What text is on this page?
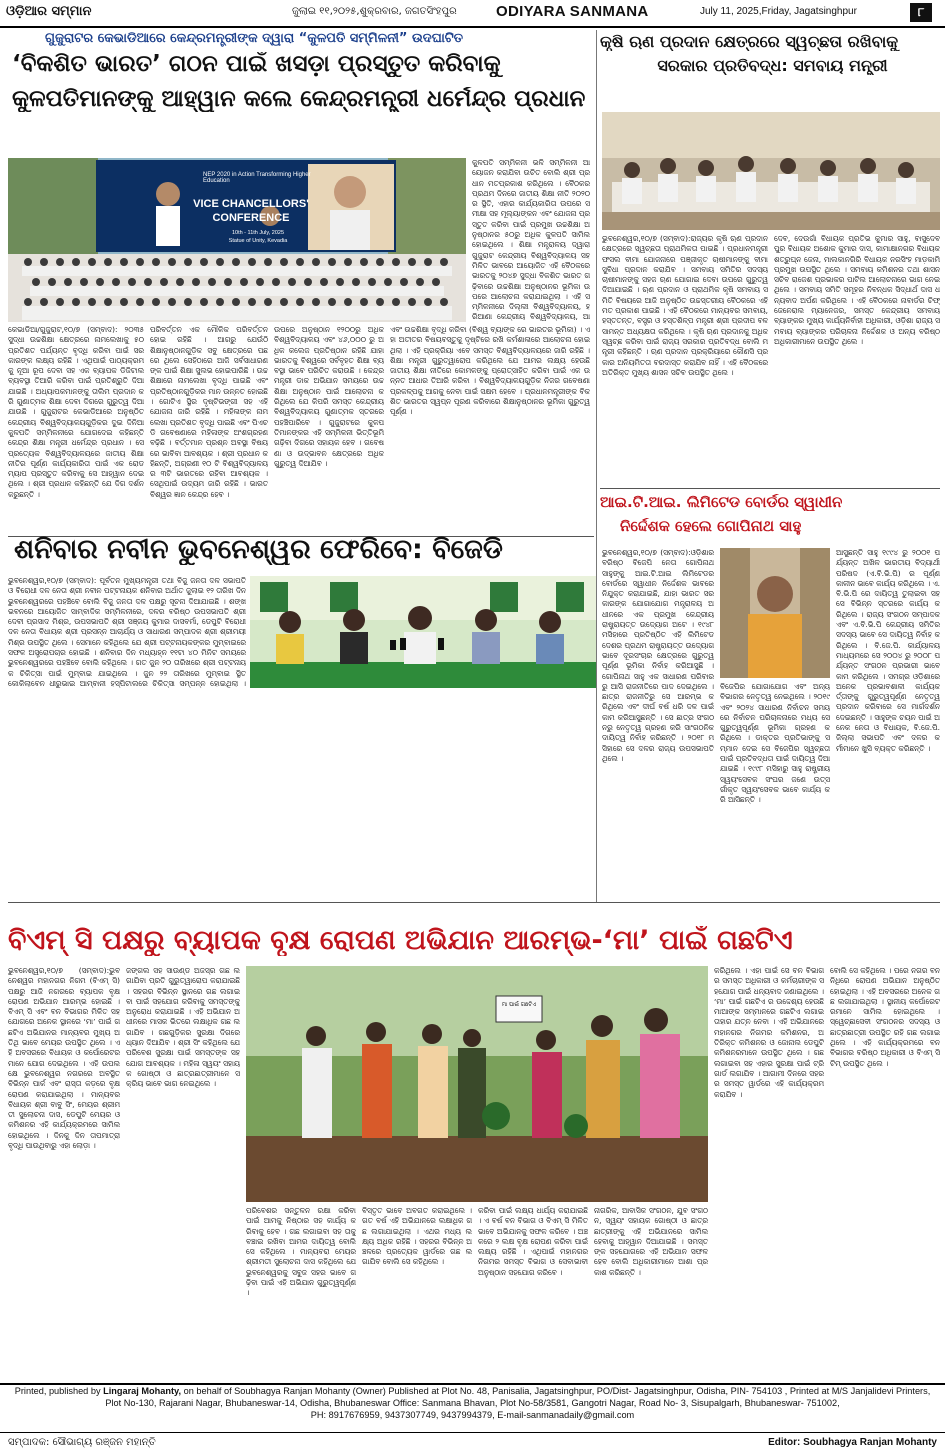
ଓଡ଼ିଆର ସମ୍ମାନ	ଜୁଲାଇ ୧୧,୨୦୨୫,ଶୁକ୍ରବାର, ଜଗତସିଂହପୁର	ODIYARA SANMANA	July 11, 2025,Friday, Jagatsinghpur	୮
ଗୁଜୁରାଟର କେଭାଡିଆରେ କେନ୍ଦ୍ରମନ୍ତ୍ରୀଙ୍କ ଦ୍ୱାରା “କୁଳପତି ସମ୍ମିଳନୀ” ଉଦଘାଟିତ
‘ବିକଶିତ ଭାରତ’ ଗଠନ ପାଇଁ ଖସଡ଼ା ପ୍ରସ୍ତୁତ କରିବାକୁ
କୁଳପତିମାନଙ୍କୁ ଆହ୍ୱାନ କଲେ କେନ୍ଦ୍ରମନ୍ତ୍ରୀ ଧର୍ମେନ୍ଦ୍ର ପ୍ରଧାନ
NEP 2020 in Action Transforming Higher Education
VICE CHANCELLORS'
CONFERENCE
10th - 11th July, 2025
Statue of Unity, Kevadia
କୁଳପତି ସମ୍ମିଳନୀ ଭଳି ସମ୍ମିଳନୀ ଆୟୋଜନ କରାଯିବା ଉଚିତ ବୋଲି ଶ୍ରୀ ପ୍ରଧାନ ମତପ୍ରକାଶ କରିଥିଲେ । ବୈଠକର ପ୍ରଥମ ଦିନରେ ଜାତୀୟ ଶିକ୍ଷା ନୀତି ୨୦୨୦ର ସ୍ଥିତି, ଏହାର କାର୍ଯ୍ୟକାରିତା ଉପରେ ସମୀକ୍ଷା ସହ ମୂଲ୍ୟାଙ୍କନ ଏବଂ ଯୋଜନା ପ୍ରସ୍ତୁତ କରିବା ପାଇଁ ପ୍ରମୁଖ ଉଚ୍ଚଶିକ୍ଷା ଅନୁଷ୍ଠାନର ୫୦ରୁ ଅଧିକ କୁଳପତି ସାମିଲ ହୋଇଥିଲେ । ଶିକ୍ଷା ମନ୍ତ୍ରାଳୟ ଦ୍ୱାରା ଗୁଜୁରାଟ କେନ୍ଦ୍ରୀୟ ବିଶ୍ୱବିଦ୍ୟାଳୟ ସହ ମିଳିତ ଭାବରେ ଆୟୋଜିତ ଏହି ବୈଠକରେ ଭାରତକୁ ୨୦୪୭ ସୁଦ୍ଧା ବିକଶିତ ଭାରତ ଗଢ଼ିବାରେ ଉଚ୍ଚଶିକ୍ଷା ଅନୁଷ୍ଠାନର ଭୂମିକା ଉପରେ ଆଲୋଚନା କରାଯାଇଥିଲା । ଏହି ସମ୍ମିଳନୀରେ ଦିଲ୍ଲୀ ବିଶ୍ୱବିଦ୍ୟାଳୟ, ହରିଆଣା କେନ୍ଦ୍ରୀୟ ବିଶ୍ୱବିଦ୍ୟାଳୟ, ଆ
କେଭାଡିଆ/ଗୁଜୁରାଟ,୧୦/୭ (ସମ୍ବାଦ): ୨୦୩୫ ସୁଦ୍ଧା ଉଚ୍ଚଶିକ୍ଷା କ୍ଷେତ୍ରରେ ନାମଲେଖାକୁ ୫୦ ପ୍ରତିଶତ ପର୍ଯ୍ୟନ୍ତ ବୃଦ୍ଧି କରିବା ପାଇଁ ସରକାରଙ୍କ ଲକ୍ଷ୍ୟ ରହିଛି । ଏଥିପାଇଁ ପାଠ୍ୟକ୍ରମକୁ ନୂଆ ରୂପ ଦେବା ସହ ଏକ ବ୍ୟାପକ ଡିଜିଟାଲ ବ୍ୟବସ୍ଥା ତିଆରି କରିବା ପାଇଁ ପ୍ରତିଶ୍ରୁତି ଦିଆଯାଇଛି । ଅଧ୍ୟାପକମାନଙ୍କୁ ତାଲିମ ପ୍ରଦାନ କରି ଗୁଣାତ୍ମକ ଶିକ୍ଷା ଦେବା ଦିଗରେ ଗୁରୁତ୍ୱ ଦିଆଯାଉଛି । ଗୁଜୁରାଟର କେଭାଡିଆରେ ଅନୁଷ୍ଠିତ କେନ୍ଦ୍ରୀୟ ବିଶ୍ୱବିଦ୍ୟାଳୟଗୁଡ଼ିକର ଦୁଇ ଦିନିଆ କୁଳପତି ସମ୍ମିଳନୀରେ ଯୋଗଦେଇ କହିଛନ୍ତି କେନ୍ଦ୍ର ଶିକ୍ଷା ମନ୍ତ୍ରୀ ଧର୍ମେନ୍ଦ୍ର ପ୍ରଧାନ । ସେ ପ୍ରତ୍ୟେକ ବିଶ୍ୱବିଦ୍ୟାଳୟରେ ଜାତୀୟ ଶିକ୍ଷା ନୀତିର ପୂର୍ଣ୍ଣ କାର୍ଯ୍ୟକାରିତା ପାଇଁ ଏକ ରୋଡମ୍ୟାପ ପ୍ରସ୍ତୁତ କରିବାକୁ ସେ ଆହ୍ୱାନ ଦେଇଥିଲେ । ଶ୍ରୀ ପ୍ରଧାନ କହିଛନ୍ତି ଯେ ଦିଗ ଦର୍ଶନ କରୁଛନ୍ତି ।
ପରିବର୍ତ୍ତନ ଏକ ମୌଳିକ ପରିବର୍ତ୍ତନ ହୋଇ ରହିଛି । ଆଗରୁ ଯେଉଁଠି ଶିକ୍ଷାନୁଷ୍ଠାନଗୁଡ଼ିକ ସବୁ କ୍ଷେତ୍ରରେ ପଛରେ ଥିଲେ ସେହିଠାରେ ଆଜି ସର୍ବସାଧାରଣଙ୍କ ପାଇଁ ଶିକ୍ଷା ସୁଲଭ ହୋଇପାରିଛି । ଉଚ୍ଚଶିକ୍ଷାରେ ନାମଲେଖା ବୃଦ୍ଧି ପାଇଛି ଏବଂ ପ୍ରତିଷ୍ଠାନଗୁଡ଼ିକର ମାନ ଉନ୍ନତ ହୋଇଛି । ଗୋଟିଏ ସ୍ଥିର ଦୃଷ୍ଟିଭଙ୍ଗୀ ସହ ଏହି ଯୋଜନା ଜାରି ରହିଛି । ମହିଳାଙ୍କ ନାମଲେଖା ପ୍ରତିଶତ ବୃଦ୍ଧି ପାଇଛି ଏବଂ ପିଏଚଡି ଗବେଷଣାରେ ମହିଳାଙ୍କ ଅଂଶଗ୍ରହଣ ବଢ଼ିଛି । ବର୍ତ୍ତମାନ ପ୍ରଶ୍ନ ଅବସ୍ଥା ବିଷୟରେ ଭାବିବା ଆବଶ୍ୟକ । ଶ୍ରୀ ପ୍ରଧାନ କହିଛନ୍ତି, ଅଗ୍ରଣୀ ୧୦ ଟି ବିଶ୍ୱବିଦ୍ୟାଳୟର ୩ଟି ଭାରତରେ ରହିବା ଆବଶ୍ୟକ । ସେଥିପାଇଁ ଉଦ୍ୟମ ଜାରି ରହିଛି । ଭାରତ ବିଶ୍ୱର ଜ୍ଞାନ କେନ୍ଦ୍ର ହେବ ।
ଉପରେ ଅନୁଷ୍ଠାନ ୧୨୦୦ରୁ ଅଧିକ ବିଶ୍ୱବିଦ୍ୟାଳୟ ଏବଂ ୪୬,୦୦୦ ରୁ ଅଧିକ କଲେଜ ପ୍ରତିଷ୍ଠାନ ରହିଛି ଯାହା ଭାରତକୁ ବିଶ୍ୱରେ ସର୍ବବୃହତ ଶିକ୍ଷା ବ୍ୟବସ୍ଥା ଭାବେ ପରିଚିତ କରାଉଛି । କେନ୍ଦ୍ରମନ୍ତ୍ରୀ ଡାକ ଅଭିଯାନ ସମୟରେ ଉଚ୍ଚଶିକ୍ଷା ଅନୁଷ୍ଠାନ ପାଇଁ ଆଲୋଚନା କରିଥିଲେ ଯେ କିପରି ସମସ୍ତ କେନ୍ଦ୍ରୀୟ ବିଶ୍ୱବିଦ୍ୟାଳୟ ଗୁଣାତ୍ମକ ସ୍ତରରେ ପହଞ୍ଚିପାରିବେ । ଗୁଜୁରାଟରେ କୁଳପତିମାନଙ୍କର ଏହି ସମ୍ମିଳନୀ ଭିତ୍ତିଭୂମି ଗଢ଼ିବା ଦିଗରେ ସହାୟକ ହେବ । ଗବେଷଣା ଓ ଉଦ୍ଭାବନ କ୍ଷେତ୍ରରେ ଅଧିକ ଗୁରୁତ୍ୱ ଦିଆଯିବ ।
ଏବଂ ଉଚ୍ଚଶିକ୍ଷା ବୃଦ୍ଧି କରିବା (ବିଶ୍ୱ ବ୍ୟାଙ୍କ ରେ ଭାରତର ଭୂମିକା) । ଏହା ଅତୀତର ବିଷୟବସ୍ତୁକୁ ଦୃଷ୍ଟିରେ ରଖି କର୍ମଶାଳାରେ ଆଲୋଚନା ହୋଇଥିଲା । ଏହି ପ୍ରକ୍ରିୟା ଏବେ ସମସ୍ତ ବିଶ୍ୱବିଦ୍ୟାଳୟରେ ଜାରି ରହିଛି । ଶିକ୍ଷା ମନ୍ତ୍ରୀ ଗୁରୁତ୍ୱାରୋପ କରିଥିଲେ ଯେ ଆମର ଲକ୍ଷ୍ୟ ହେଉଛି ଜାତୀୟ ଶିକ୍ଷା ନୀତିରେ କୋମଳଙ୍କୁ ପ୍ରୋତ୍ସାହିତ କରିବା ପାଇଁ ଏକ ଉନ୍ନତ ଆଧାର ତିଆରି କରିବା । ବିଶ୍ୱବିଦ୍ୟାଳୟଗୁଡ଼ିକ ନିଜର ଗବେଷଣା ପ୍ରକଳ୍ପକୁ ଆଗକୁ ନେବା ପାଇଁ ସକ୍ଷମ ହେବେ । ପ୍ରଧାନମନ୍ତ୍ରୀଙ୍କ ବିକଶିତ ଭାରତର ସ୍ୱପ୍ନ ପୂରଣ କରିବାରେ ଶିକ୍ଷାନୁଷ୍ଠାନର ଭୂମିକା ଗୁରୁତ୍ୱପୂର୍ଣ୍ଣ ।
କୃଷି ଋଣ ପ୍ରଦାନ କ୍ଷେତ୍ରରେ ସ୍ୱଚ୍ଛତା ରଖିବାକୁ
ସରକାର ପ୍ରତିବଦ୍ଧ: ସମବାୟ ମନ୍ତ୍ରୀ
ଭୁବନେଶ୍ୱର,୧୦/୭ (ସମ୍ବାଦ):ରାଜ୍ୟର କୃଷି ଋଣ ପ୍ରଦାନ କ୍ଷେତ୍ରରେ ସ୍ୱଚ୍ଛତା ପ୍ରାଥମିକତା ପାଇଛି । ପ୍ରଧାନମନ୍ତ୍ରୀ ଫସଲ ବୀମା ଯୋଜନାରେ ପଞ୍ଜୀକୃତ ଚାଷୀମାନଙ୍କୁ ବୀମା ସୁବିଧା ପ୍ରଦାନ କରାଯିବ । ସମବାୟ ସମିତିର ସଦସ୍ୟ ଚାଷୀମାନଙ୍କୁ ସହଜ ଋଣ ଯୋଗାଇ ଦେବା ଉପରେ ଗୁରୁତ୍ୱ ଦିଆଯାଇଛି । ଋଣ ପ୍ରଦାନ ଓ ପ୍ରାଥମିକ କୃଷି ସମବାୟ ସମିତି ବିଷୟରେ ଆଜି ଅନୁଷ୍ଠିତ ଉଚ୍ଚସ୍ତରୀୟ ବୈଠକରେ ଏହି ମତ ପ୍ରକାଶ ପାଇଛି । ଏହି ବୈଠକରେ ମାନ୍ୟବର ସମବାୟ, ହସ୍ତତନ୍ତ, ବସ୍ତ୍ର ଓ ହସ୍ତଶିଳ୍ପ ମନ୍ତ୍ରୀ ଶ୍ରୀ ପ୍ରଦୀପ ବଳ ସାମନ୍ତ ଅଧ୍ୟକ୍ଷତା କରିଥିଲେ । କୃଷି ଋଣ ପ୍ରଦାନକୁ ଅଧିକ ସ୍ୱଚ୍ଛ କରିବା ପାଇଁ ରାଜ୍ୟ ସରକାର ପ୍ରତିବଦ୍ଧ ବୋଲି ମନ୍ତ୍ରୀ କହିଛନ୍ତି । ଋଣ ପ୍ରଦାନ ପ୍ରକ୍ରିୟାରେ କୌଣସି ପ୍ରକାର ଅନିୟମିତତା ବରଦାସ୍ତ କରାଯିବ ନାହିଁ । ଏହି ବୈଠକରେ ଅତିରିକ୍ତ ମୁଖ୍ୟ ଶାସନ ସଚିବ ଉପସ୍ଥିତ ଥିଲେ ।
ଦେବ, ଦେଉଗାଁ ବିଧାୟକ ପ୍ରତିଭ କୁମାର ସାହୁ, ବାସୁଦେବପୁର ବିଧାୟକ ଅଶୋକ କୁମାର ଦାସ, କାମାକ୍ଷାନଗର ବିଧାୟକ ଶତ୍ରୁଘ୍ନ ଜେନା, ମାଲକାନଗିରି ବିଧାୟକ ନରସିଂହ ମାଡ଼କାମି ପ୍ରମୁଖ ଉପସ୍ଥିତ ଥିଲେ । ସମବାୟ କମିଶନର ତଥା ଶାସନ ସଚିବ ରାଜେଶ ପ୍ରଭାକର ପାଟିଲ ଆଲୋଚନାରେ ଭାଗ ନେଇଥିଲେ । ସମବାୟ ସମିତି ସମୂହର ନିବନ୍ଧକ ସିଦ୍ଧାର୍ଥ ଦାସ ଧନ୍ୟବାଦ ଅର୍ପଣ କରିଥିଲେ । ଏହି ବୈଠକରେ ନାବାର୍ଡର ଚିଫ୍ ଜେନେରାଲ ମ୍ୟାନେଜର, ସମସ୍ତ କେନ୍ଦ୍ରୀୟ ସମବାୟ ବ୍ୟାଙ୍କର ମୁଖ୍ୟ କାର୍ଯ୍ୟନିର୍ବାହୀ ଅଧିକାରୀ, ଓଡ଼ିଶା ରାଜ୍ୟ ସମବାୟ ବ୍ୟାଙ୍କର ପରିଚାଳନା ନିର୍ଦ୍ଦେଶକ ଓ ଅନ୍ୟ ବରିଷ୍ଠ ଅଧିକାରୀମାନେ ଉପସ୍ଥିତ ଥିଲେ ।
ଆଇ.ଟି.ଆଇ. ଲିମିଟେଡ ବୋର୍ଡର ସ୍ୱାଧୀନ
ନିର୍ଦ୍ଦେଶକ ହେଲେ ଗୋପିନାଥ ସାହୁ
ଭୁବନେଶ୍ୱର,୧୦/୭ (ସମ୍ବାଦ):ଓଡ଼ିଶାର ବରିଷ୍ଠ ବିଜେପି ନେତା ଗୋପିନାଥ ସାହୁଙ୍କୁ ଆଇ.ଟି.ଆଇ ଲିମିଟେଡର ବୋର୍ଡରେ ସ୍ୱାଧୀନ ନିର୍ଦ୍ଦେଶକ ଭାବରେ ନିଯୁକ୍ତ କରାଯାଇଛି, ଯାହା ଭାରତ ସରକାରଙ୍କ ଯୋଗାଯୋଗ ମନ୍ତ୍ରାଳୟ ଅଧୀନରେ ଏକ ପ୍ରମୁଖ କେନ୍ଦ୍ରୀୟ ରାଷ୍ଟ୍ରାୟତ୍ତ ଉଦ୍ୟୋଗ ଅଟେ । ୧୯୪୮ ମସିହାରେ ପ୍ରତିଷ୍ଠିତ ଏହି ଲିମିଟେଡ ଦେଶର ପ୍ରଥମ ରାଷ୍ଟ୍ରାୟତ୍ତ ଉଦ୍ୟୋଗ ଭାବେ ଦୂରସଂଚାର କ୍ଷେତ୍ରରେ ଗୁରୁତ୍ୱପୂର୍ଣ୍ଣ ଭୂମିକା ନିର୍ବାହ କରିଆସୁଛି । ଗୋପିନାଥ ସାହୁ ଏକ ସାଧାରଣ ପରିବାରରୁ ଆସି ରାଜନୀତିରେ ପାଦ ଦେଇଥିଲେ । ଛାତ୍ର ରାଜନୀତିରୁ ସେ ଆରମ୍ଭ କରିଥିଲେ ଏବଂ ଦୀର୍ଘ ବର୍ଷ ଧରି ଦଳ ପାଇଁ କାମ କରିଆସୁଛନ୍ତି । ସେ ଛାତ୍ର ସଂଗଠନରୁ ନେତୃତ୍ୱ ଗ୍ରହଣ କରି ସାଂଗଠନିକ ଦାୟିତ୍ୱ ନିର୍ବାହ କରିଛନ୍ତି । ୨୦୧୮ ମସିହାରେ ସେ ଦଳର ରାଜ୍ୟ ଉପସଭାପତି ଥିଲେ ।
ବିଜେପିର ଯୋଗାଯୋଗ ଏବଂ ଅନ୍ୟ ବିଭାଗର ନେତୃତ୍ୱ ନେଇଥିଲେ । ୨୦୧୯ ଏବଂ ୨୦୨୪ ସାଧାରଣ ନିର୍ବାଚନ ସମୟରେ ନିର୍ବାଚନ ପରିଚାଳନାରେ ମଧ୍ୟ ସେ ଗୁରୁତ୍ୱପୂର୍ଣ୍ଣ ଭୂମିକା ଗ୍ରହଣ କରିଥିଲେ । ଡାକ୍ତର ପ୍ରତିଭାଙ୍କୁ ସମ୍ମାନ ଦେଇ ସେ ବିଜେପିର ସ୍ୱଚ୍ଛତା ପାଇଁ ପ୍ରତିବଦ୍ଧତା ପାଇଁ ଦାୟିତ୍ୱ ଦିଆଯାଇଛି । ୧୯୯୮ ମସିହାରୁ ସାହୁ ରାଷ୍ଟ୍ରୀୟ ସ୍ୱୟଂସେବକ ସଂଘର ଜଣେ ଉତ୍ସର୍ଗୀକୃତ ସ୍ୱୟଂସେବକ ଭାବେ କାର୍ଯ୍ୟ କରି ଆସିଛନ୍ତି ।
ଆସୁଛନ୍ତି ସାହୁ ୧୯୯୪ ରୁ ୨୦୦୧ ପର୍ଯ୍ୟନ୍ତ ଅଖିଳ ଭାରତୀୟ ବିଦ୍ୟାର୍ଥୀ ପରିଷଦ (ଏ.ବି.ଭି.ପି) ର ପୂର୍ଣ୍ଣକାଳୀନ ଭାବେ କାର୍ଯ୍ୟ କରିଥିଲେ । ଏ.ବି.ଭି.ପି ରେ ଦାୟିତ୍ୱ ତୁଲାଇବା ସହ ସେ ବିଭିନ୍ନ ସ୍ତରରେ କାର୍ଯ୍ୟ କରିଥିଲେ । ରାଜ୍ୟ ସଂଗଠନ ସମ୍ପାଦକ ଏବଂ ଏ.ବି.ଭି.ପି କେନ୍ଦ୍ରୀୟ ସମିତିର ସଦସ୍ୟ ଭାବେ ସେ ଦାୟିତ୍ୱ ନିର୍ବାହ କରିଥିଲେ । ବି.ଜେ.ପି. କାର୍ଯ୍ୟାଳୟ ମାଧ୍ୟମରେ ସେ ୨୦୦୪ ରୁ ୨୦୦୮ ପର୍ଯ୍ୟନ୍ତ ସଂଗଠନ ପ୍ରଭାରୀ ଭାବେ କାମ କରିଥିଲେ । ସମଗ୍ର ଓଡ଼ିଶାରେ ଅନେକ ପ୍ରଭାବଶାଳୀ କାର୍ଯ୍ୟକର୍ତ୍ତାଙ୍କୁ ଗୁରୁତ୍ୱପୂର୍ଣ୍ଣ ନେତୃତ୍ୱ ପ୍ରଦାନ କରିବାରେ ସେ ମାର୍ଗଦର୍ଶନ ଦେଇଛନ୍ତି । ସାହୁଙ୍କ ଚୟନ ପାଇଁ ଅନେକ ନେତା ଓ ବିଧାୟକ, ବି.ଜେ.ପି. ଜିଲ୍ଲା ସଭାପତି ଏବଂ ଦଳର କର୍ମୀମାନେ ଖୁସି ବ୍ୟକ୍ତ କରିଛନ୍ତି ।
ଶନିବାର ନବୀନ ଭୁବନେଶ୍ୱର ଫେରିବେ: ବିଜେଡି
ଭୁବନେଶ୍ୱର,୧୦/୭ (ସମ୍ବାଦ): ପୂର୍ବତନ ମୁଖ୍ୟମନ୍ତ୍ରୀ ତଥା ବିଜୁ ଜନତା ଦଳ ସଭାପତି ଓ ବିରୋଧୀ ଦଳ ନେତା ଶ୍ରୀ ନବୀନ ପଟ୍ଟନାୟକ ଶନିବାର ଅର୍ଥାତ ଜୁଲାଇ ୧୨ ତାରିଖ ଦିନ ଭୁବନେଶ୍ୱରରେ ପହଞ୍ଚିବେ ବୋଲି ବିଜୁ ଜନତା ଦଳ ପକ୍ଷରୁ ସୂଚନା ଦିଆଯାଇଛି । ଶଙ୍ଖ ଭବନରେ ଆୟୋଜିତ ସାମ୍ବାଦିକ ସମ୍ମିଳନୀରେ, ଦଳର ବରିଷ୍ଠ ଉପସଭାପତି ଶ୍ରୀ ଦେବୀ ପ୍ରସାଦ ମିଶ୍ର, ଉପସଭାପତି ଶ୍ରୀ ସଞ୍ଜୟ କୁମାର ଦାସବର୍ମା, ଡେପୁଟି ବିରୋଧୀ ଦଳ ନେତା ବିଧାୟକ ଶ୍ରୀ ପ୍ରସନ୍ନ ଆଚାର୍ଯ୍ୟ ଓ ସାଧାରଣ ସମ୍ପାଦକ ଶ୍ରୀ ଶ୍ରୀମୟୀ ମିଶ୍ର ଉପସ୍ଥିତ ଥିଲେ । ସେମାନେ କହିଥିଲେ ଯେ ଶ୍ରୀ ପଟ୍ଟନାୟକଙ୍କର ମୁମ୍ବାଇରେ ସଫଳ ଅସ୍ତ୍ରୋପଚାର ହୋଇଛି । ଶନିବାର ଦିନ ମଧ୍ୟାହ୍ନ ୧୧ଟା ୪୦ ମିନିଟ ସମୟରେ ଭୁବନେଶ୍ୱରରେ ପହଞ୍ଚିବେ ବୋଲି କହିଥିଲେ । ଗତ ଜୁନ ୨୦ ତାରିଖରେ ଶ୍ରୀ ପଟ୍ଟନାୟକ ଚିକିତ୍ସା ପାଇଁ ମୁମ୍ବାଇ ଯାଇଥିଲେ । ଜୁନ ୨୨ ତାରିଖରେ ମୁମ୍ବାଇ ସ୍ଥିତ କୋକିଲାବେନ ଧୀରୁଭାଇ ଆମ୍ବାନୀ ହସ୍ପିଟାଲରେ ଚିକିତ୍ସା ସମ୍ପନ୍ନ ହୋଇଥିଲା ।
ବିଏମ୍ ସି ପକ୍ଷରୁ ବ୍ୟାପକ ବୃକ୍ଷ ରୋପଣ ଅଭିଯାନ ଆରମ୍ଭ-‘ମା’ ପାଇଁ ଗଛଟିଏ
ମା ପାଇଁ ଗଛଟିଏ
ଭୁବନେଶ୍ୱର,୧୦/୭ (ସମ୍ବାଦ):ଭୁବନେଶ୍ୱର ମହାନଗର ନିଗମ (ବିଏମ୍ ସି) ପକ୍ଷରୁ ଆଜି ନଗରରେ ବ୍ୟାପକ ବୃକ୍ଷ ରୋପଣ ଅଭିଯାନ ଆରମ୍ଭ ହୋଇଛି । ବିଏମ୍ ସି ଏବଂ ବନ ବିଭାଗର ମିଳିତ ସହଯୋଗରେ ଅନେକ ସ୍ଥାନରେ ‘ମା’ ପାଇଁ ଗଛଟିଏ ଅଭିଯାନର ମାନ୍ୟବର ମୁଖ୍ୟ ଅତିଥି ଭାବେ ମେୟର ଉପସ୍ଥିତ ଥିଲେ । ଏହି ଅବସରରେ ବିଧାୟକ ଓ କର୍ପୋରେଟରମାନେ ଯୋଗ ଦେଇଥିଲେ । ଏହି ଉପଲକ୍ଷେ ଭୁବନେଶ୍ୱର ନଗରରେ ଅବସ୍ଥିତ ବିଭିନ୍ନ ପାର୍କ ଏବଂ ରାସ୍ତା କଡ଼ରେ ବୃକ୍ଷ ରୋପଣ କରାଯାଇଥିଲା । ମାନ୍ୟବର ବିଧାୟକ ଶ୍ରୀ ବାବୁ ସିଂ, ମେୟର ଶ୍ରୀମତୀ ସୁଲୋଚନା ଦାସ, ଡେପୁଟି ମେୟର ଓ କମିଶନର ଏହି କାର୍ଯ୍ୟକ୍ରମରେ ସାମିଲ ହୋଇଥିଲେ । ଦିନକୁ ଦିନ ତାପମାତ୍ରା ବୃଦ୍ଧି ପାଉଥିବାରୁ ଏହା ଲୋଡ଼ା ।
ଜଙ୍ଗଲ ସହ ସାଉଣ୍ଡ ଅଜସ୍ର ଗଛ ଲଗାଯିବା ପ୍ରତି ଗୁରୁତ୍ୱାରୋପ କରାଯାଇଛି । ସହରର ବିଭିନ୍ନ ସ୍ଥାନରେ ଗଛ ଲଗାଇବା ପାଇଁ ସହଯୋଗ କରିବାକୁ ସମସ୍ତଙ୍କୁ ଅନୁରୋଧ କରାଯାଇଛି । ଏହି ଅଭିଯାନ ଅଧୀନରେ ମାସକ ଭିତରେ ଲକ୍ଷାଧିକ ଗଛ ଲଗାଯିବ । ଗଛଗୁଡ଼ିକର ସୁରକ୍ଷା ଦିଗରେ ଧ୍ୟାନ ଦିଆଯିବ । ଶ୍ରୀ ସିଂ କହିଥିଲେ ଯେ ପରିବେଶ ସୁରକ୍ଷା ପାଇଁ ସମସ୍ତଙ୍କ ସହଯୋଗ ଆବଶ୍ୟକ । ମହିଳା ସ୍ୱୟଂ ସହାୟକ ଗୋଷ୍ଠୀ ଓ ଛାତ୍ରଛାତ୍ରୀମାନେ ସକ୍ରିୟ ଭାବେ ଭାଗ ନେଇଥିଲେ ।
ପରିବେଶର ସନ୍ତୁଳନ ରକ୍ଷା କରିବା ପାଇଁ ଆମକୁ ନିଷ୍ଠାର ସହ କାର୍ଯ୍ୟ କରିବାକୁ ହେବ । ଗଛ ଲଗାଇବା ସହ ତାକୁ ବଞ୍ଚାଇ ରଖିବା ଆମର ଦାୟିତ୍ୱ ବୋଲି ସେ କହିଥିଲେ । ମାନ୍ୟବରା ମେୟର ଶ୍ରୀମତୀ ସୁଲୋଚନା ଦାସ କହିଥିଲେ ଯେ ଭୁବନେଶ୍ୱରକୁ ସବୁଜ ସହର ଭାବେ ଗଢ଼ିବା ପାଇଁ ଏହି ଅଭିଯାନ ଗୁରୁତ୍ୱପୂର୍ଣ୍ଣ ।
ବିସ୍ତୃତ ଭାବେ ଅବଗତ କରାଇଥିଲେ । ଗତ ବର୍ଷ ଏହି ଅଭିଯାନରେ ଲକ୍ଷାଧିକ ଗଛ ଲଗାଯାଇଥିଲା । ଏଥର ମଧ୍ୟ ଲକ୍ଷ୍ୟ ଅଧିକ ରହିଛି । ସହରର ବିଭିନ୍ନ ଅଞ୍ଚଳରେ ପ୍ରତ୍ୟେକ ୱାର୍ଡରେ ଗଛ ଲଗାଯିବ ବୋଲି ସେ କହିଥିଲେ ।
କରିବା ପାଇଁ ଲକ୍ଷ୍ୟ ଧାର୍ଯ୍ୟ କରାଯାଇଛି । ଏ ବର୍ଷ ବନ ବିଭାଗ ଓ ବିଏମ୍ ସି ମିଳିତ ଭାବେ ଅଭିଯାନକୁ ସଫଳ କରିବେ । ଅଞ୍ଚଳରେ ୨ ଲକ୍ଷ ବୃକ୍ଷ ରୋପଣ କରିବା ପାଇଁ ଲକ୍ଷ୍ୟ ରହିଛି । ଏଥିପାଇଁ ମହାନଗର ନିଗମର ସମସ୍ତ ବିଭାଗ ଓ ସେବାଭାବୀ ଅନୁଷ୍ଠାନ ସହଯୋଗ କରିବେ ।
ନାଗରିକ, ଆବାସିକ ସଂଗଠନ, ଯୁବ ସଂଗଠନ, ସ୍ୱୟଂ ସହାୟକ ଗୋଷ୍ଠୀ ଓ ଛାତ୍ରଛାତ୍ରୀଙ୍କୁ ଏହି ଅଭିଯାନରେ ସାମିଲ ହେବାକୁ ଆହ୍ୱାନ ଦିଆଯାଇଛି । ସମସ୍ତଙ୍କ ସହଯୋଗରେ ଏହି ଅଭିଯାନ ସଫଳ ହେବ ବୋଲି ଅଧିକାରୀମାନେ ଆଶା ପ୍ରକାଶ କରିଛନ୍ତି ।
କରିଥିଲେ । ଏହା ପାଇଁ ସେ ବନ ବିଭାଗର ସମସ୍ତ ଅଧିକାରୀ ଓ କର୍ମଚାରୀଙ୍କ ସହଯୋଗ ପାଇଁ ଧନ୍ୟବାଦ ଜଣାଇଥିଲେ । ‘ମା’ ପାଇଁ ଗଛଟିଏ ର ଉଦ୍ଦେଶ୍ୟ ହେଉଛି ମାଆଙ୍କ ସମ୍ମାନରେ ଗଛଟିଏ ଲଗାଇ ତାହାର ଯତ୍ନ ନେବା । ଏହି ଅଭିଯାନରେ ମହାନଗର ନିଗମର କମିଶନର, ଅତିରିକ୍ତ କମିଶନର ଓ ଜୋନାଲ ଡେପୁଟି କମିଶନରମାନେ ଉପସ୍ଥିତ ଥିଲେ । ଗଛ ଲଗାଇବା ସହ ଏହାର ସୁରକ୍ଷା ପାଇଁ ଟ୍ରି ଗାର୍ଡ ଲଗାଯିବ । ଆଗାମୀ ଦିନରେ ସହରର ସମସ୍ତ ୱାର୍ଡରେ ଏହି କାର୍ଯ୍ୟକ୍ରମ କରାଯିବ ।
ବୋଲି ସେ କହିଥିଲେ । ପରେ ନଗର ବନ ନିଧିରେ ରୋପଣ ଅଭିଯାନ ଅନୁଷ୍ଠିତ ହୋଇଥିଲା । ଏହି ଅବସରରେ ଅନେକ ଗଛ ଲଗାଯାଇଥିଲା । ସ୍ଥାନୀୟ କର୍ପୋରେଟରମାନେ ସାମିଲ ହୋଇଥିଲେ । ସ୍ୱେଚ୍ଛାସେବୀ ସଂଗଠନର ସଦସ୍ୟ ଓ ଛାତ୍ରଛାତ୍ରୀ ଉପସ୍ଥିତ ରହି ଗଛ ଲଗାଇଥିଲେ । ଏହି କାର୍ଯ୍ୟକ୍ରମରେ ବନ ବିଭାଗର ବରିଷ୍ଠ ଅଧିକାରୀ ଓ ବିଏମ୍ ସି ଟିମ୍ ଉପସ୍ଥିତ ଥିଲେ ।
Printed, published by Lingaraj Mohanty, on behalf of Soubhagya Ranjan Mohanty (Owner) Published at Plot No. 48, Panisalia, Jagatsinghpur, PO/Dist- Jagatsinghpur, Odisha, PIN- 754103 , Printed at M/S Janjalidevi Printers,
Plot No-130, Rajarani Nagar, Bhubaneswar-14, Odisha, Bhubaneswar Office: Sanmana Bhavan, Plot No-58/3581, Gangotri Nagar, Road No- 3, Sisupalgarh, Bhubaneswar- 751002,
PH: 8917676959, 9437307749, 9437994379, E-mail-sanmanadaily@gmail.com
ସମ୍ପାଦକ: ସୌଭାଗ୍ୟ ରଞ୍ଜନ ମହାନ୍ତି	Editor: Soubhagya Ranjan Mohanty
